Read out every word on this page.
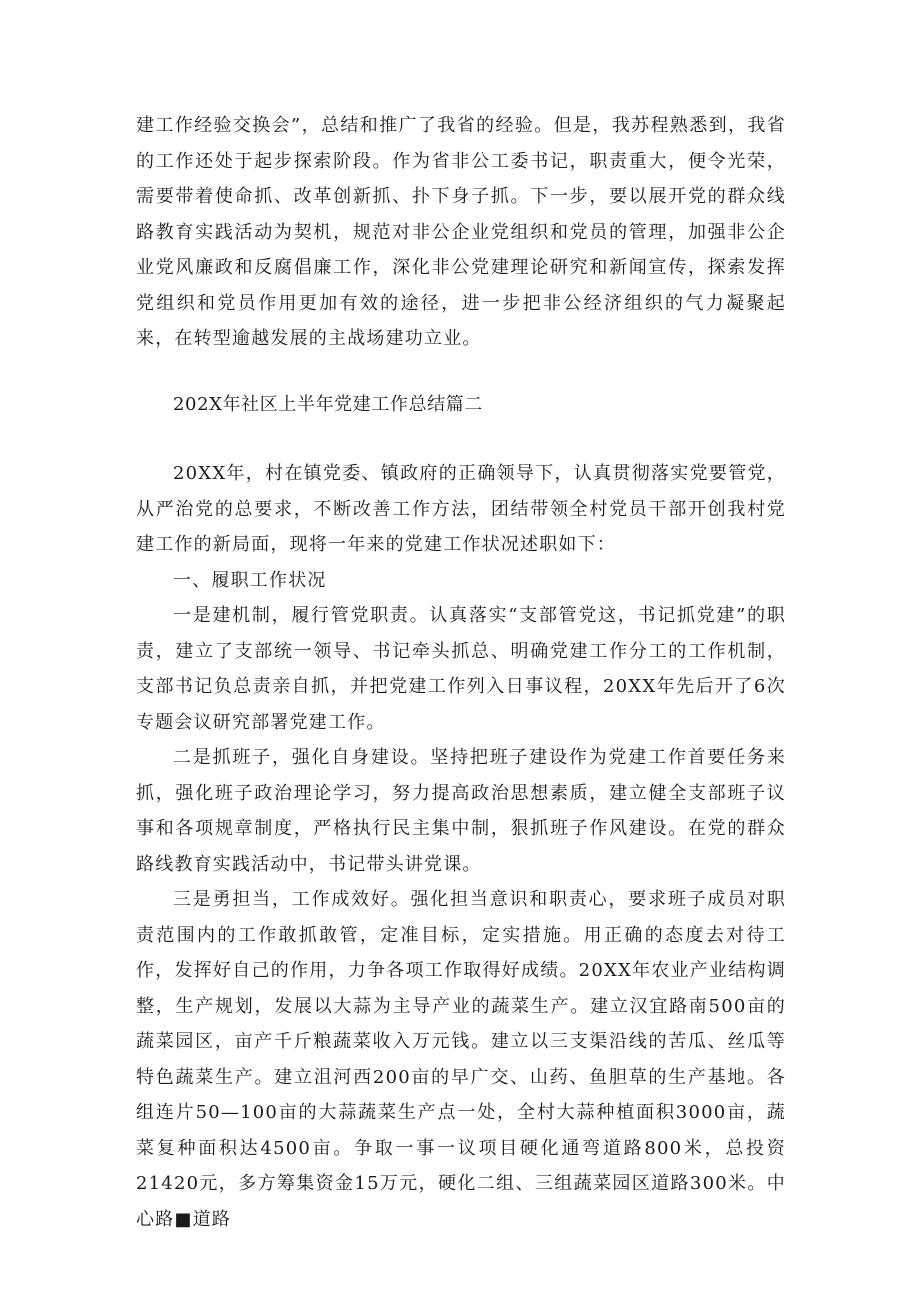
建工作经验交换会”，总结和推广了我省的经验。但是，我苏程熟悉到，我省的工作还处于起步探索阶段。作为省非公工委书记，职责重大，便令光荣，需要带着使命抓、改革创新抓、扑下身子抓。下一步，要以展开党的群众线路教育实践活动为契机，规范对非公企业党组织和党员的管理，加强非公企业党风廉政和反腐倡廉工作，深化非公党建理论研究和新闻宣传，探索发挥党组织和党员作用更加有效的途径，进一步把非公经济组织的气力凝聚起来，在转型逾越发展的主战场建功立业。

202X年社区上半年党建工作总结篇二

20XX年，村在镇党委、镇政府的正确领导下，认真贯彻落实党要管党，从严治党的总要求，不断改善工作方法，团结带领全村党员干部开创我村党建工作的新局面，现将一年来的党建工作状况述职如下：

一、履职工作状况

一是建机制，履行管党职责。认真落实“支部管党这，书记抓党建”的职责，建立了支部统一领导、书记牵头抓总、明确党建工作分工的工作机制，支部书记负总责亲自抓，并把党建工作列入日事议程，20XX年先后开了6次专题会议研究部署党建工作。

二是抓班子，强化自身建设。坚持把班子建设作为党建工作首要任务来抓，强化班子政治理论学习，努力提高政治思想素质，建立健全支部班子议事和各项规章制度，严格执行民主集中制，狠抓班子作风建设。在党的群众路线教育实践活动中，书记带头讲党课。

三是勇担当，工作成效好。强化担当意识和职责心，要求班子成员对职责范围内的工作敢抓敢管，定准目标，定实措施。用正确的态度去对待工作，发挥好自己的作用，力争各项工作取得好成绩。20XX年农业产业结构调整，生产规划，发展以大蒜为主导产业的蔬菜生产。建立汉宜路南500亩的蔬菜园区，亩产千斤粮蔬菜收入万元钱。建立以三支渠沿线的苦瓜、丝瓜等特色蔬菜生产。建立沮河西200亩的早广交、山药、鱼胆草的生产基地。各组连片50—100亩的大蒜蔬菜生产点一处，全村大蒜种植面积3000亩，蔬菜复种面积达4500亩。争取一事一议项目硬化通弯道路800米，总投资21420元，多方筹集资金15万元，硬化二组、三组蔬菜园区道路300米。中心路■道路
